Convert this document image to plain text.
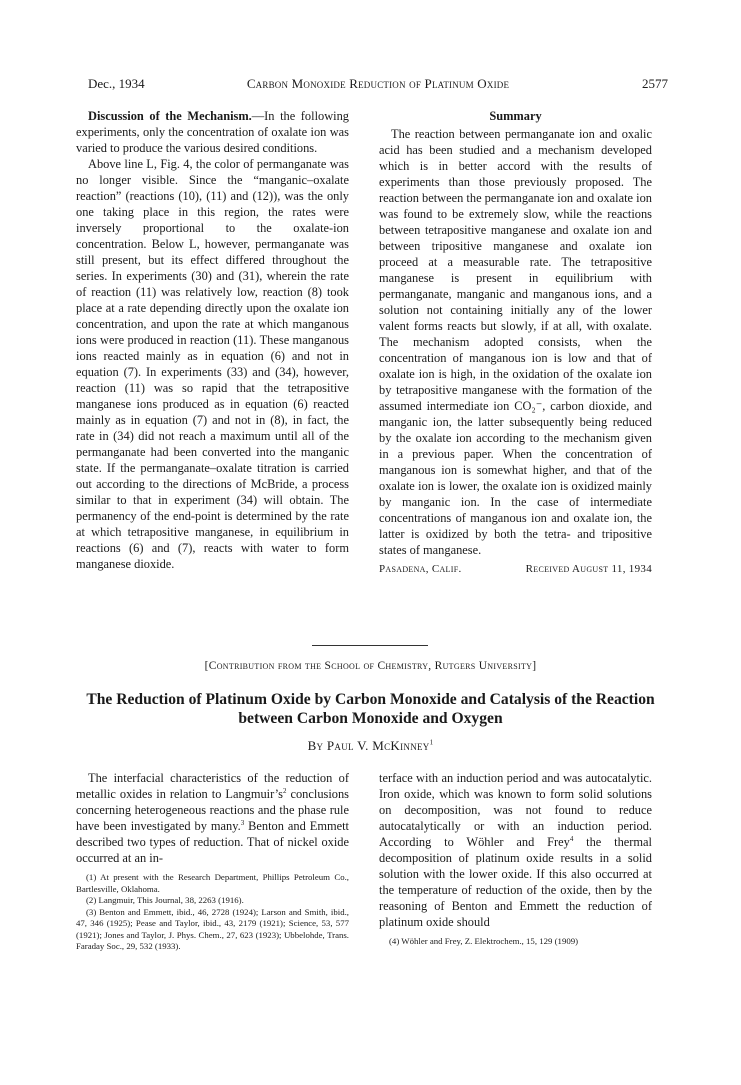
Dec., 1934	Carbon Monoxide Reduction of Platinum Oxide	2577

Discussion of the Mechanism.—In the following experiments, only the concentration of oxalate ion was varied to produce the various desired conditions.

Above line L, Fig. 4, the color of permanganate was no longer visible. Since the “manganic–oxalate reaction” (reactions (10), (11) and (12)), was the only one taking place in this region, the rates were inversely proportional to the oxalate-ion concentration. Below L, however, permanganate was still present, but its effect differed throughout the series. In experiments (30) and (31), wherein the rate of reaction (11) was relatively low, reaction (8) took place at a rate depending directly upon the oxalate ion concentration, and upon the rate at which manganous ions were produced in reaction (11). These manganous ions reacted mainly as in equation (6) and not in equation (7). In experiments (33) and (34), however, reaction (11) was so rapid that the tetrapositive manganese ions produced as in equation (6) reacted mainly as in equation (7) and not in (8), in fact, the rate in (34) did not reach a maximum until all of the permanganate had been converted into the manganic state. If the permanganate–oxalate titration is carried out according to the directions of McBride, a process similar to that in experiment (34) will obtain. The permanency of the end-point is determined by the rate at which tetrapositive manganese, in equilibrium in reactions (6) and (7), reacts with water to form manganese dioxide.

Summary

The reaction between permanganate ion and oxalic acid has been studied and a mechanism developed which is in better accord with the results of experiments than those previously proposed. The reaction between the permanganate ion and oxalate ion was found to be extremely slow, while the reactions between tetrapositive manganese and oxalate ion and between tripositive manganese and oxalate ion proceed at a measurable rate. The tetrapositive manganese is present in equilibrium with permanganate, manganic and manganous ions, and a solution not containing initially any of the lower valent forms reacts but slowly, if at all, with oxalate. The mechanism adopted consists, when the concentration of manganous ion is low and that of oxalate ion is high, in the oxidation of the oxalate ion by tetrapositive manganese with the formation of the assumed intermediate ion CO₂⁻, carbon dioxide, and manganic ion, the latter subsequently being reduced by the oxalate ion according to the mechanism given in a previous paper. When the concentration of manganous ion is somewhat higher, and that of the oxalate ion is lower, the oxalate ion is oxidized mainly by manganic ion. In the case of intermediate concentrations of manganous ion and oxalate ion, the latter is oxidized by both the tetra- and tripositive states of manganese.

Pasadena, Calif.	Received August 11, 1934
[Contribution from the School of Chemistry, Rutgers University]
The Reduction of Platinum Oxide by Carbon Monoxide and Catalysis of the Reaction between Carbon Monoxide and Oxygen
By Paul V. McKinney$^1$

The interfacial characteristics of the reduction of metallic oxides in relation to $Langmuir’s^2$ conclusions concerning heterogeneous reactions and the phase rule have been investigated by many.$^3$ Benton and Emmett described two types of reduction. That of nickel oxide occurred at an in-

(1) At present with the Research Department, Phillips Petroleum Co., Bartlesville, Oklahoma.
(2) Langmuir, This Journal, 38, 2263 (1916).
(3) Benton and Emmett, ibid., 46, 2728 (1924); Larson and Smith, ibid., 47, 346 (1925); Pease and Taylor, ibid., 43, 2179 (1921); Science, 53, 577 (1921); Jones and Taylor, J. Phys. Chem., 27, 623 (1923); Ubbelohde, Trans. Faraday Soc., 29, 532 (1933).

terface with an induction period and was autocatalytic. Iron oxide, which was known to form solid solutions on decomposition, was not found to reduce autocatalytically or with an induction period. According to Wöhler and Frey$^4$ the thermal decomposition of platinum oxide results in a solid solution with the lower oxide. If this also occurred at the temperature of reduction of the oxide, then by the reasoning of Benton and Emmett the reduction of platinum oxide should

(4) Wöhler and Frey, Z. Elektrochem., 15, 129 (1909)
